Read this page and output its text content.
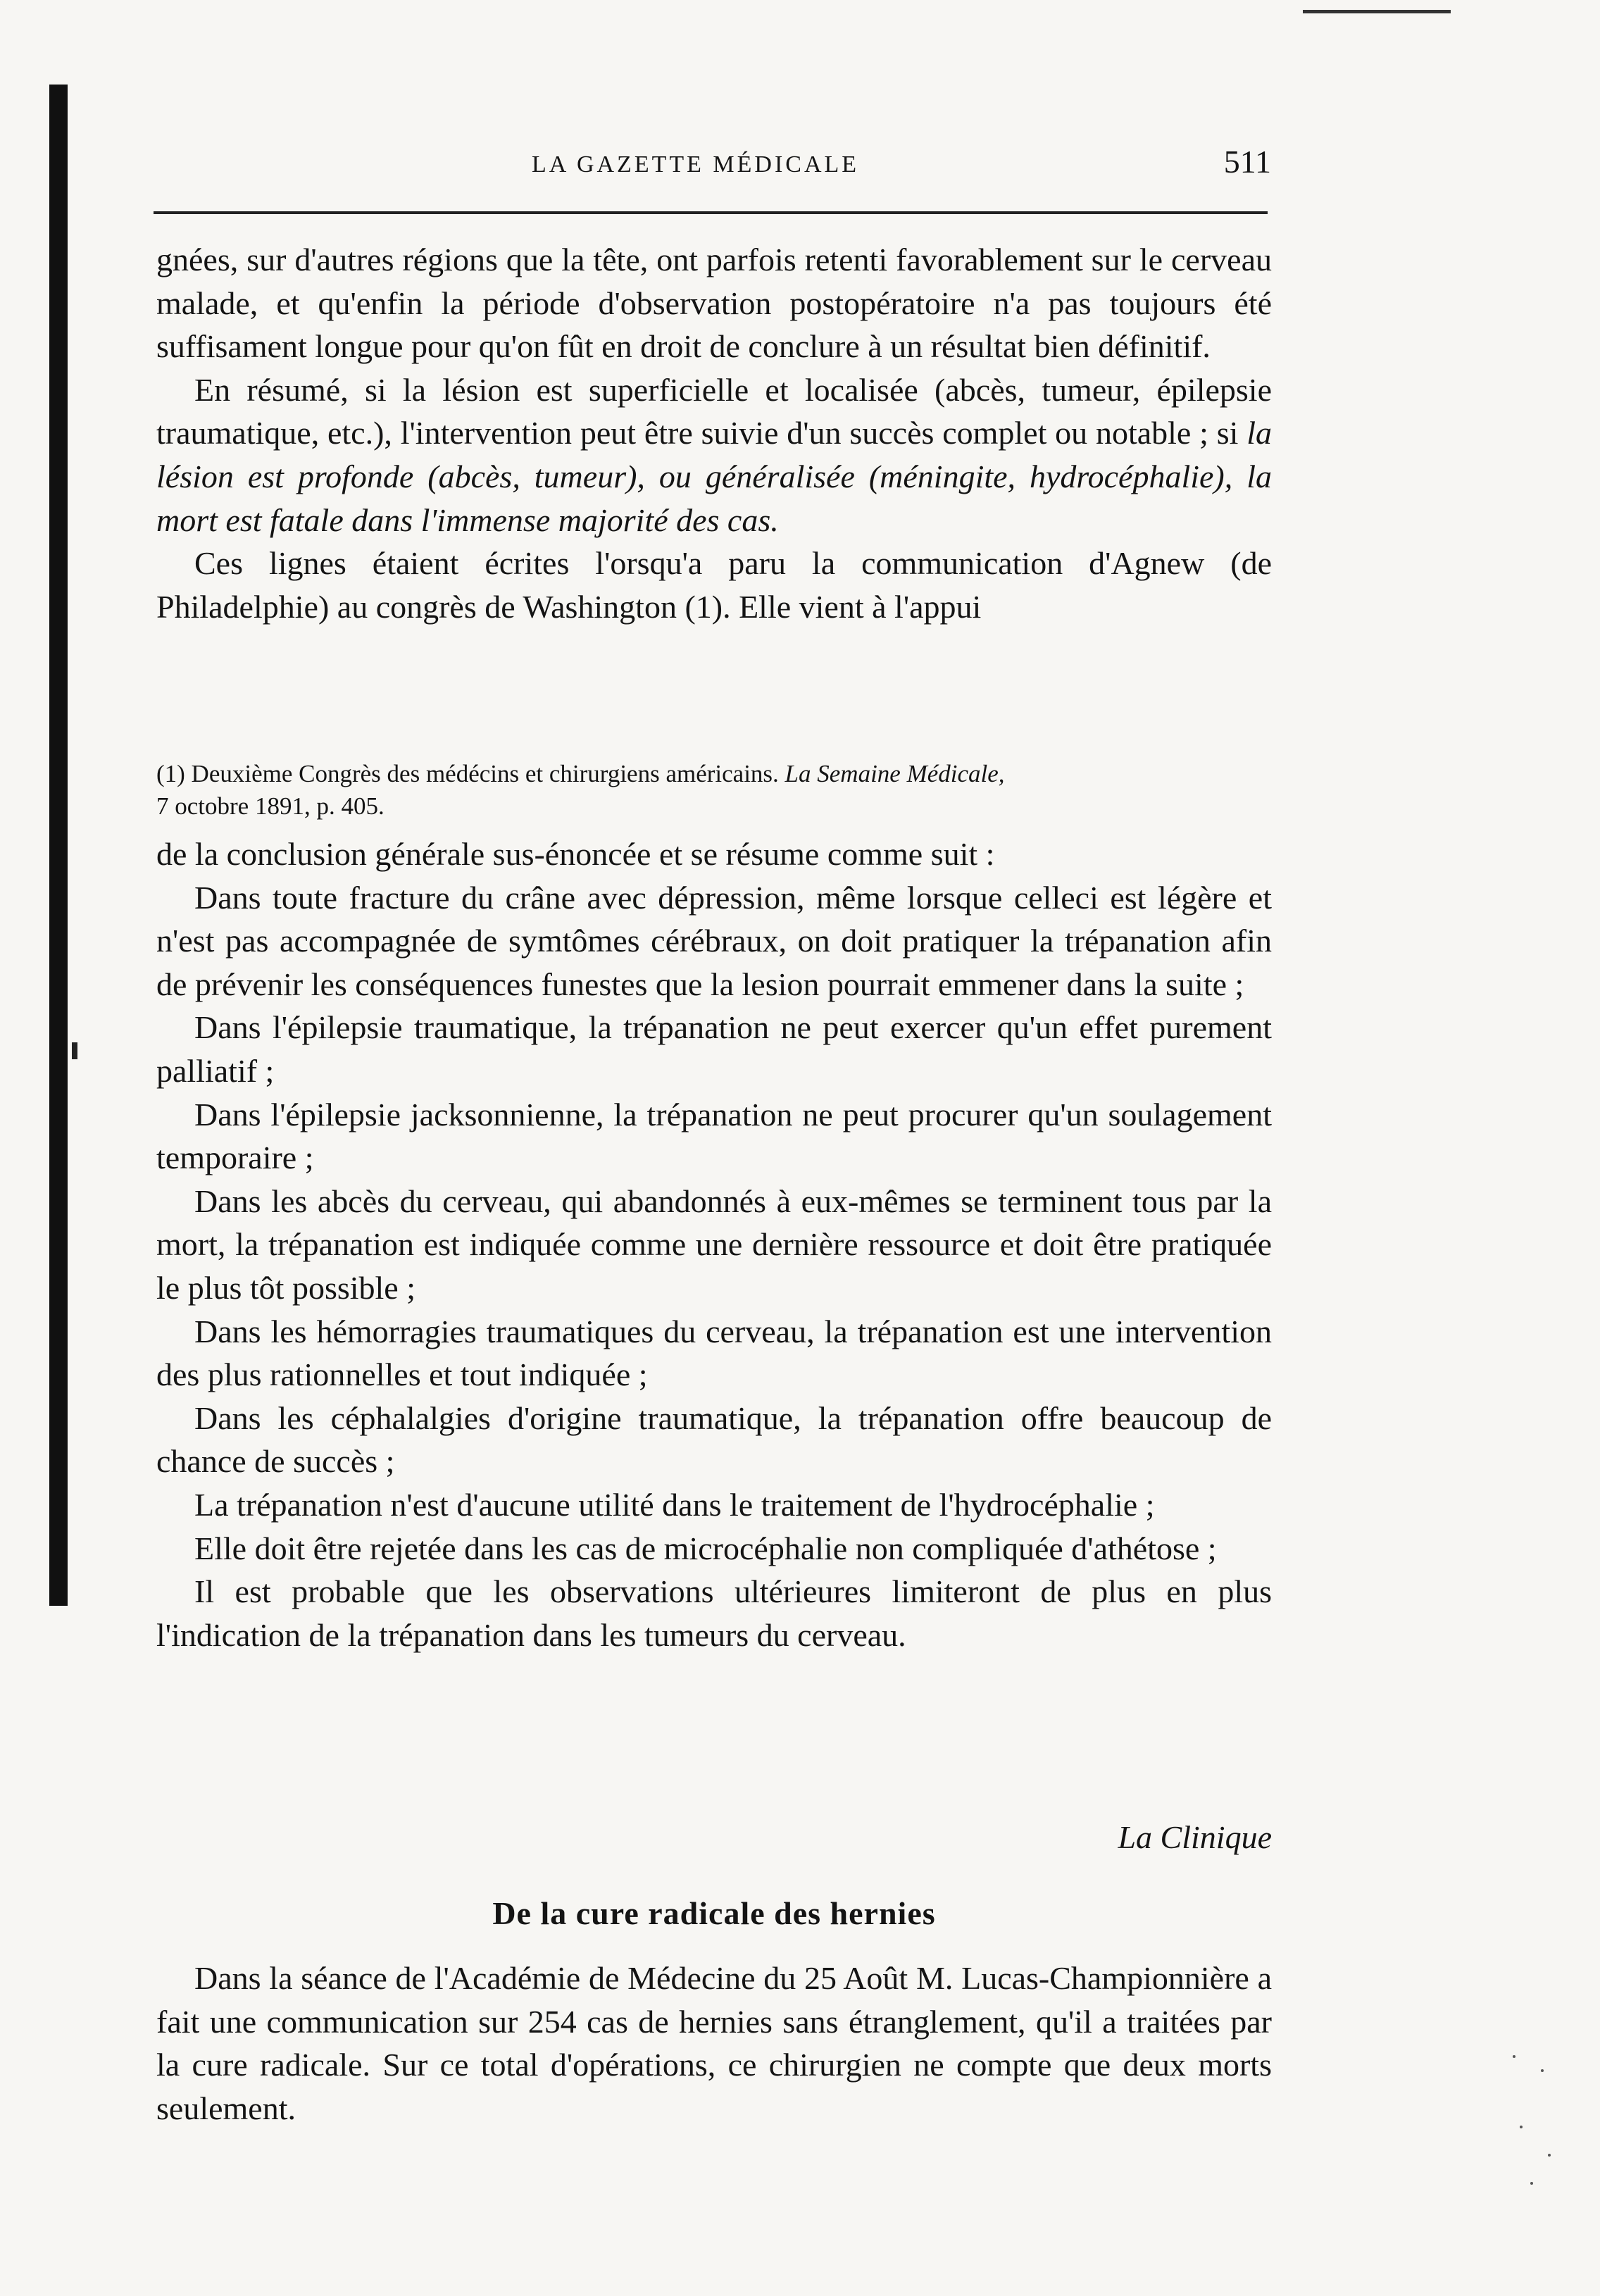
LA GAZETTE MÉDICALE	511

gnées, sur d'autres régions que la tête, ont parfois retenti favorablement sur le cerveau malade, et qu'enfin la période d'observation postopératoire n'a pas toujours été suffisament longue pour qu'on fût en droit de conclure à un résultat bien définitif.

En résumé, si la lésion est superficielle et localisée (abcès, tumeur, épilepsie traumatique, etc.), l'intervention peut être suivie d'un succès complet ou notable ; si la lésion est profonde (abcès, tumeur), ou généralisée (méningite, hydrocéphalie), la mort est fatale dans l'immense majorité des cas.

Ces lignes étaient écrites l'orsqu'a paru la communication d'Agnew (de Philadelphie) au congrès de Washington (1). Elle vient à l'appui

(1) Deuxième Congrès des médécins et chirurgiens américains. La Semaine Médicale,

7 octobre 1891, p. 405.

de la conclusion générale sus-énoncée et se résume comme suit :

Dans toute fracture du crâne avec dépression, même lorsque celleci est légère et n'est pas accompagnée de symtômes cérébraux, on doit pratiquer la trépanation afin de prévenir les conséquences funestes que la lesion pourrait emmener dans la suite ;

Dans l'épilepsie traumatique, la trépanation ne peut exercer qu'un effet purement palliatif ;

Dans l'épilepsie jacksonnienne, la trépanation ne peut procurer qu'un soulagement temporaire ;

Dans les abcès du cerveau, qui abandonnés à eux-mêmes se terminent tous par la mort, la trépanation est indiquée comme une dernière ressource et doit être pratiquée le plus tôt possible ;

Dans les hémorragies traumatiques du cerveau, la trépanation est une intervention des plus rationnelles et tout indiquée ;

Dans les céphalalgies d'origine traumatique, la trépanation offre beaucoup de chance de succès ;

La trépanation n'est d'aucune utilité dans le traitement de l'hydrocéphalie ;

Elle doit être rejetée dans les cas de microcéphalie non compliquée d'athétose ;

Il est probable que les observations ultérieures limiteront de plus en plus l'indication de la trépanation dans les tumeurs du cerveau.

La Clinique
De la cure radicale des hernies

Dans la séance de l'Académie de Médecine du 25 Août M. Lucas-Championnière a fait une communication sur 254 cas de hernies sans étranglement, qu'il a traitées par la cure radicale. Sur ce total d'opérations, ce chirurgien ne compte que deux morts seulement.
